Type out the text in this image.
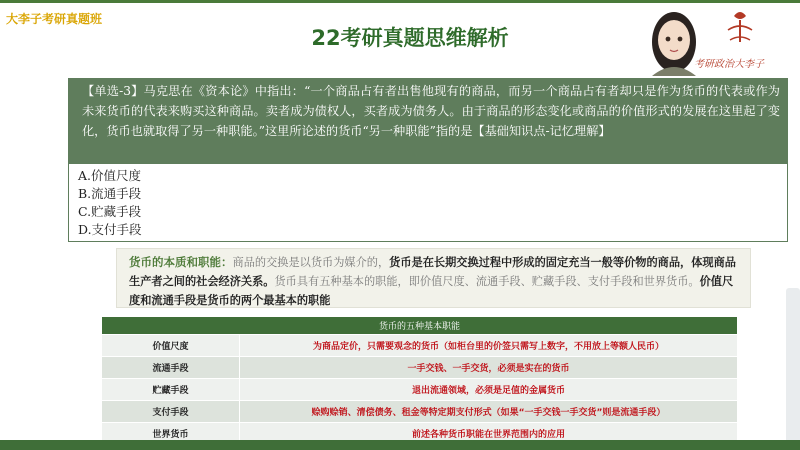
大李子考研真题班
22考研真题思维解析
考研政治大李子
【单选-3】马克思在《资本论》中指出：“一个商品占有者出售他现有的商品，而另一个商品占有者却只是作为货币的代表或作为未来货币的代表来购买这种商品。卖者成为债权人，买者成为债务人。由于商品的形态变化或商品的价值形式的发展在这里起了变化，货币也就取得了另一种职能。”这里所论述的货币“另一种职能”指的是【基础知识点-记忆理解】
A.价值尺度
B.流通手段
C.贮藏手段
D.支付手段
货币的本质和职能：商品的交换是以货币为媒介的，货币是在长期交换过程中形成的固定充当一般等价物的商品，体现商品生产者之间的社会经济关系。货币具有五种基本的职能，即价值尺度、流通手段、贮藏手段、支付手段和世界货币。价值尺度和流通手段是货币的两个最基本的职能
货币的五种基本职能	
价值尺度	为商品定价，只需要观念的货币（如柜台里的价签只需写上数字，不用放上等额人民币）
流通手段	一手交钱、一手交货，必须是实在的货币
贮藏手段	退出流通领域，必须是足值的金属货币
支付手段	赊购赊销、清偿债务、租金等特定期支付形式（如果“一手交钱一手交货”则是流通手段）
世界货币	前述各种货币职能在世界范围内的应用
